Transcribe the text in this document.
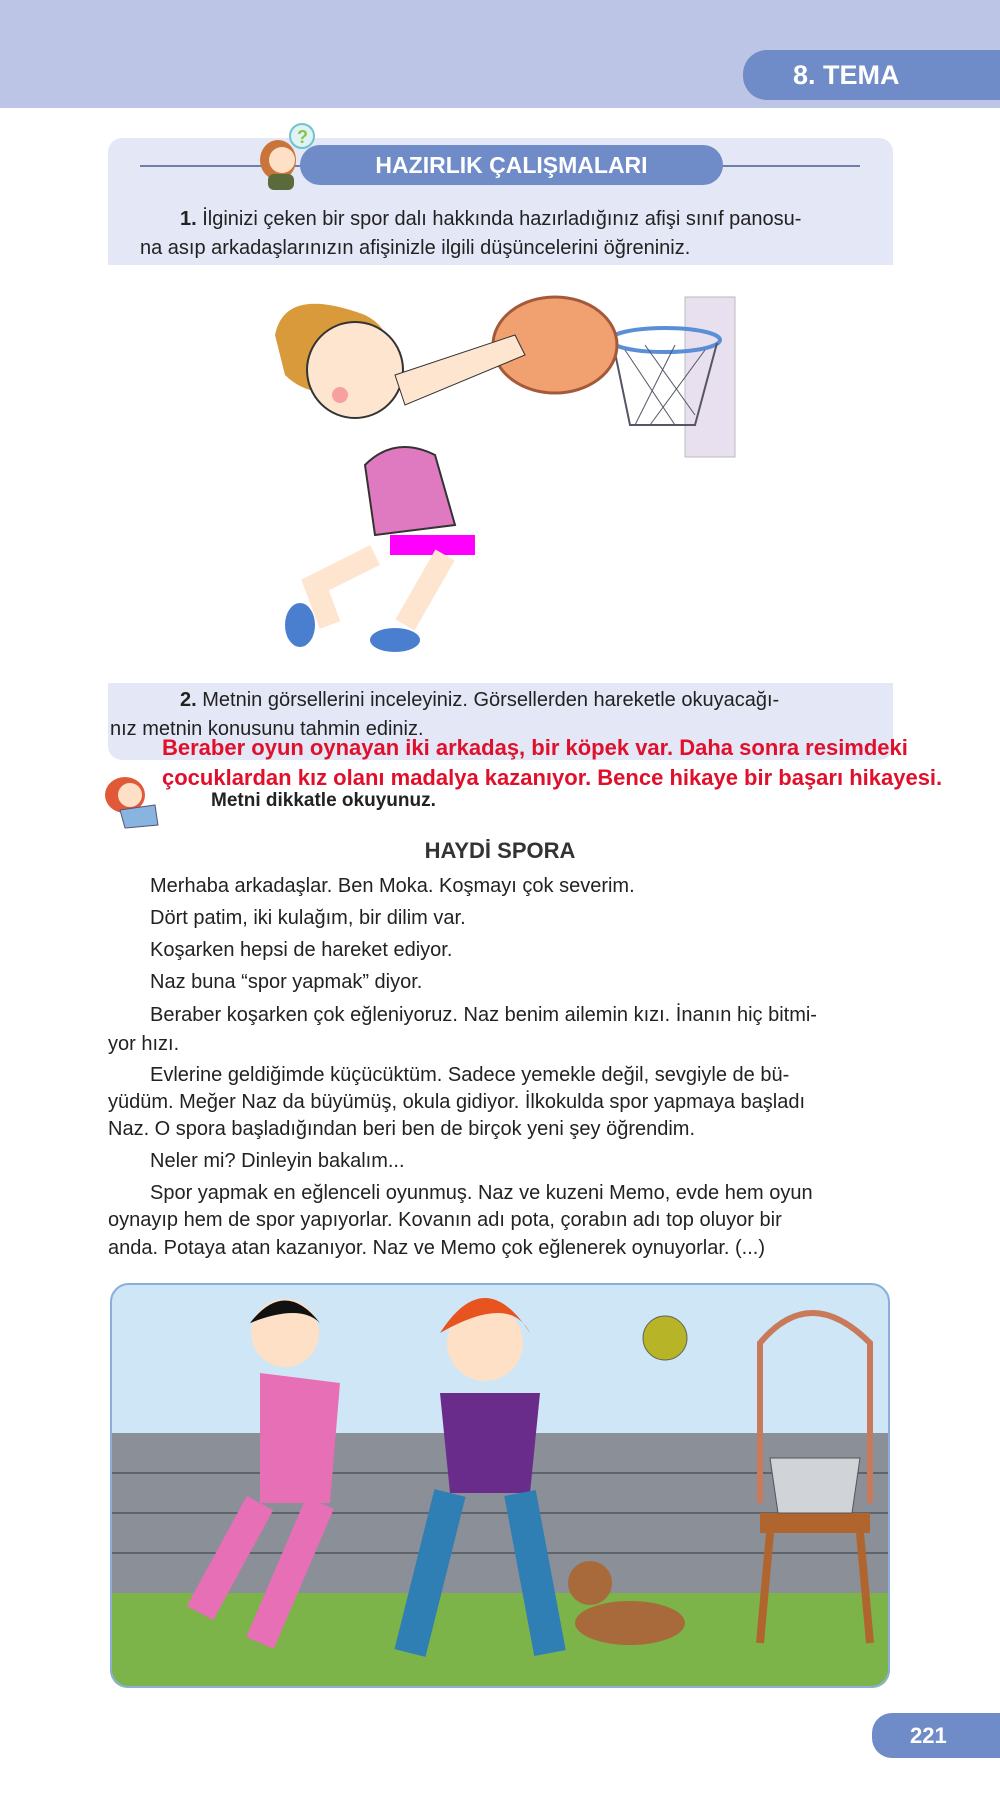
8. TEMA
HAZIRLIK ÇALIŞMALARI
?
1. İlginizi çeken bir spor dalı hakkında hazırladığınız afişi sınıf panosu-
na asıp arkadaşlarınızın afişinizle ilgili düşüncelerini öğreniniz.
2. Metnin görsellerini inceleyiniz. Görsellerden hareketle okuyacağı-
nız metnin konusunu tahmin ediniz.
Beraber oyun oynayan iki arkadaş, bir köpek var. Daha sonra resimdeki
çocuklardan kız olanı madalya kazanıyor. Bence hikaye bir başarı hikayesi.
Metni dikkatle okuyunuz.
HAYDİ SPORA
Merhaba arkadaşlar. Ben Moka. Koşmayı çok severim.
Dört patim, iki kulağım, bir dilim var.
Koşarken hepsi de hareket ediyor.
Naz buna “spor yapmak” diyor.
Beraber koşarken çok eğleniyoruz. Naz benim ailemin kızı. İnanın hiç bitmi-
yor hızı.
Evlerine geldiğimde küçücüktüm. Sadece yemekle değil, sevgiyle de bü-
yüdüm. Meğer Naz da büyümüş, okula gidiyor. İlkokulda spor yapmaya başladı
Naz. O spora başladığından beri ben de birçok yeni şey öğrendim.
Neler mi? Dinleyin bakalım...
Spor yapmak en eğlenceli oyunmuş. Naz ve kuzeni Memo, evde hem oyun
oynayıp hem de spor yapıyorlar. Kovanın adı pota, çorabın adı top oluyor bir
anda. Potaya atan kazanıyor. Naz ve Memo çok eğlenerek oynuyorlar. (...)
221
